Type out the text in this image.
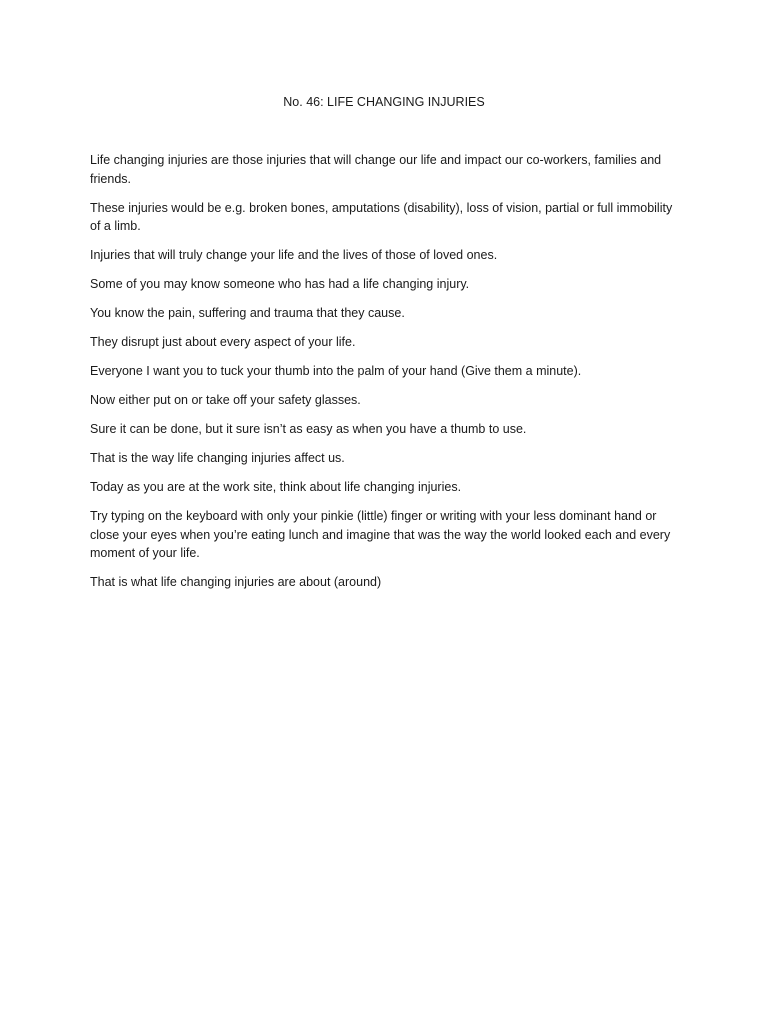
No. 46: LIFE CHANGING INJURIES

Life changing injuries are those injuries that will change our life and impact our co-workers, families and friends.

These injuries would be e.g. broken bones, amputations (disability), loss of vision, partial or full immobility of a limb.

Injuries that will truly change your life and the lives of those of loved ones.

Some of you may know someone who has had a life changing injury.

You know the pain, suffering and trauma that they cause.

They disrupt just about every aspect of your life.

Everyone I want you to tuck your thumb into the palm of your hand (Give them a minute).

Now either put on or take off your safety glasses.

Sure it can be done, but it sure isn’t as easy as when you have a thumb to use.

That is the way life changing injuries affect us.

Today as you are at the work site, think about life changing injuries.

Try typing on the keyboard with only your pinkie (little) finger or writing with your less dominant hand or close your eyes when you’re eating lunch and imagine that was the way the world looked each and every moment of your life.

That is what life changing injuries are about (around)
